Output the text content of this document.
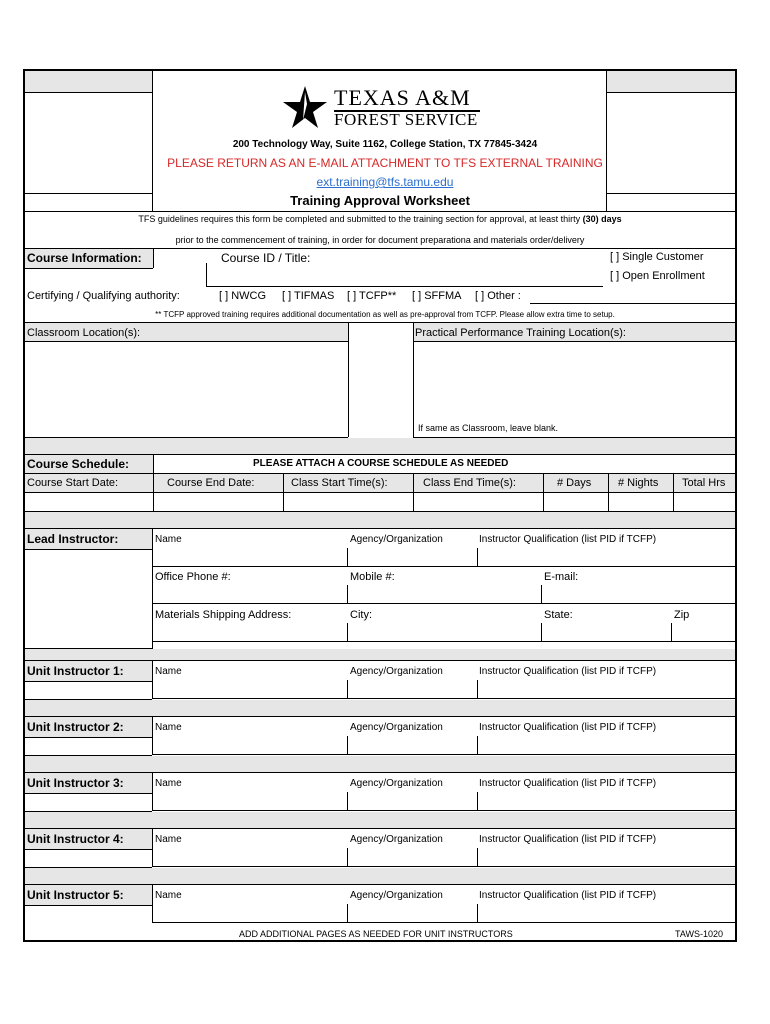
TEXAS A&M
FOREST SERVICE
200 Technology Way, Suite 1162, College Station, TX 77845-3424
PLEASE RETURN AS AN E-MAIL ATTACHMENT TO TFS EXTERNAL TRAINING
ext.training@tfs.tamu.edu
Training Approval Worksheet
TFS guidelines requires this form be completed and submitted to the training section for approval, at least thirty (30) days
prior to the commencement of training, in order for document preparationa and materials order/delivery
Course Information:	Course ID / Title:	[ ] Single Customer
[ ] Open Enrollment
Certifying / Qualifying authority:	[ ] NWCG [ ] TIFMAS [ ] TCFP** [ ] SFFMA [ ] Other :
** TCFP approved training requires additional documentation as well as pre-approval from TCFP. Please allow extra time to setup.
Classroom Location(s):	Practical Performance Training Location(s):
If same as Classroom, leave blank.
Course Schedule:	PLEASE ATTACH A COURSE SCHEDULE AS NEEDED
Course Start Date:	Course End Date:	Class Start Time(s):	Class End Time(s):	# Days # Nights Total Hrs
Lead Instructor:	Name	Agency/Organization	Instructor Qualification (list PID if TCFP)
Office Phone #:	Mobile #:	E-mail:
Materials Shipping Address:	City:	State:	Zip
Unit Instructor 1:	Name	Agency/Organization	Instructor Qualification (list PID if TCFP)
Unit Instructor 2:	Name	Agency/Organization	Instructor Qualification (list PID if TCFP)
Unit Instructor 3:	Name	Agency/Organization	Instructor Qualification (list PID if TCFP)
Unit Instructor 4:	Name	Agency/Organization	Instructor Qualification (list PID if TCFP)
Unit Instructor 5:	Name	Agency/Organization	Instructor Qualification (list PID if TCFP)
ADD ADDITIONAL PAGES AS NEEDED FOR UNIT INSTRUCTORS	TAWS-1020
